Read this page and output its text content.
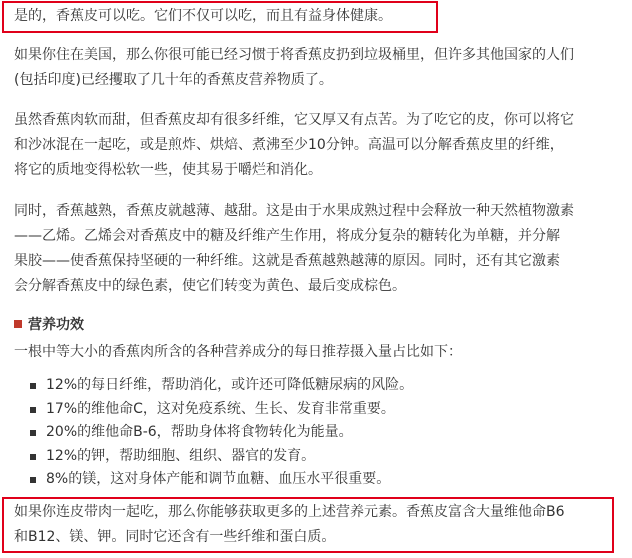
是的，香蕉皮可以吃。它们不仅可以吃，而且有益身体健康。

如果你住在美国，那么你很可能已经习惯于将香蕉皮扔到垃圾桶里，但许多其他国家的人们
(包括印度)已经攫取了几十年的香蕉皮营养物质了。

虽然香蕉肉软而甜，但香蕉皮却有很多纤维，它又厚又有点苦。为了吃它的皮，你可以将它
和沙冰混在一起吃，或是煎炸、烘焙、煮沸至少10分钟。高温可以分解香蕉皮里的纤维，
将它的质地变得松软一些，使其易于嚼烂和消化。

同时，香蕉越熟，香蕉皮就越薄、越甜。这是由于水果成熟过程中会释放一种天然植物激素
——乙烯。乙烯会对香蕉皮中的糖及纤维产生作用，将成分复杂的糖转化为单糖，并分解
果胶——使香蕉保持坚硬的一种纤维。这就是香蕉越熟越薄的原因。同时，还有其它激素
会分解香蕉皮中的绿色素，使它们转变为黄色、最后变成棕色。

营养功效

一根中等大小的香蕉肉所含的各种营养成分的每日推荐摄入量占比如下：

12%的每日纤维，帮助消化，或许还可降低糖尿病的风险。
17%的维他命C，这对免疫系统、生长、发育非常重要。
20%的维他命B-6，帮助身体将食物转化为能量。
12%的钾，帮助细胞、组织、器官的发育。
8%的镁，这对身体产能和调节血糖、血压水平很重要。

如果你连皮带肉一起吃，那么你能够获取更多的上述营养元素。香蕉皮富含大量维他命B6
和B12、镁、钾。同时它还含有一些纤维和蛋白质。
